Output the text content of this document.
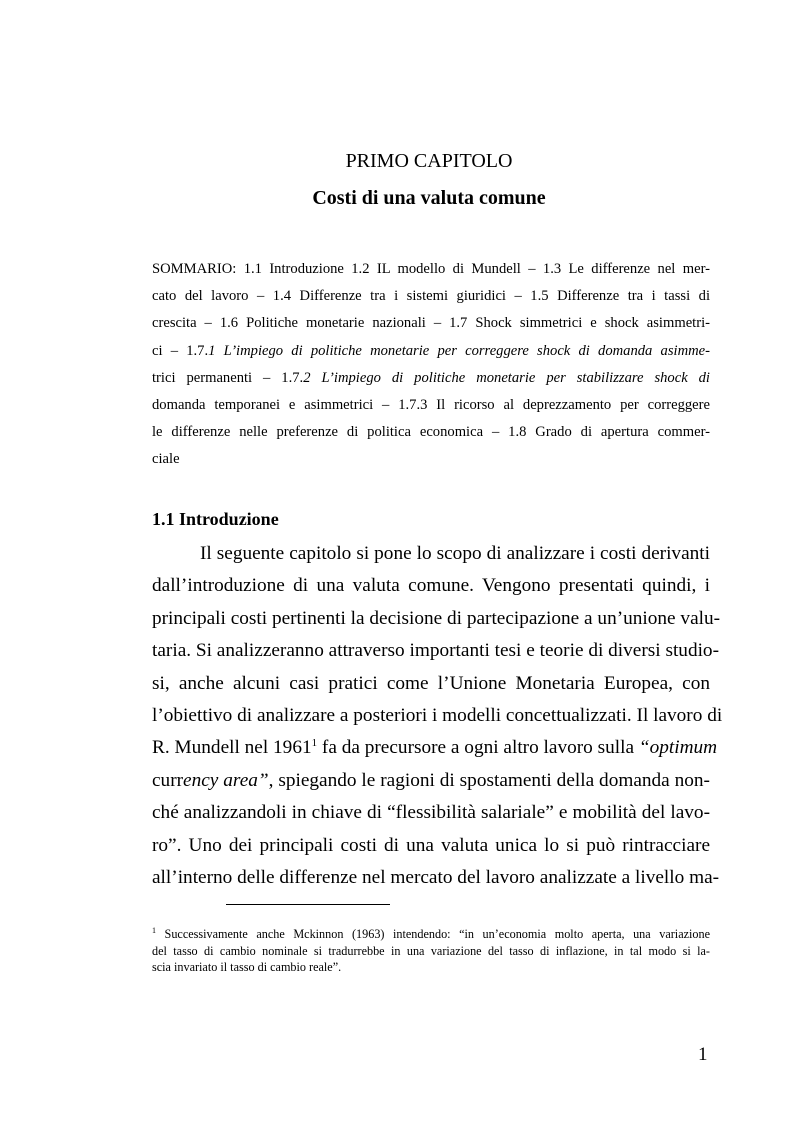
PRIMO CAPITOLO
Costi di una valuta comune
SOMMARIO: 1.1 Introduzione 1.2 IL modello di Mundell – 1.3 Le differenze nel mer-
cato del lavoro – 1.4 Differenze tra i sistemi giuridici – 1.5 Differenze tra i tassi di
crescita – 1.6 Politiche monetarie nazionali – 1.7 Shock simmetrici e shock asimmetri-
ci – 1.7.1 L’impiego di politiche monetarie per correggere shock di domanda asimme-
trici permanenti – 1.7.2 L’impiego di politiche monetarie per stabilizzare shock di
domanda temporanei e asimmetrici – 1.7.3 Il ricorso al deprezzamento per correggere
le differenze nelle preferenze di politica economica – 1.8 Grado di apertura commer-
ciale
1.1 Introduzione
Il seguente capitolo si pone lo scopo di analizzare i costi derivanti
dall’introduzione di una valuta comune. Vengono presentati quindi, i
principali costi pertinenti la decisione di partecipazione a un’unione valu-
taria. Si analizzeranno attraverso importanti tesi e teorie di diversi studio-
si, anche alcuni casi pratici come l’Unione Monetaria Europea, con
l’obiettivo di analizzare a posteriori i modelli concettualizzati. Il lavoro di
R. Mundell nel 1961$^1$ fa da precursore a ogni altro lavoro sulla “optimum
currency area”, spiegando le ragioni di spostamenti della domanda non-
ché analizzandoli in chiave di “flessibilità salariale” e mobilità del lavo-
ro”. Uno dei principali costi di una valuta unica lo si può rintracciare
all’interno delle differenze nel mercato del lavoro analizzate a livello ma-
$^1$ Successivamente anche Mckinnon (1963) intendendo: “in un’economia molto aperta, una variazione
del tasso di cambio nominale si tradurrebbe in una variazione del tasso di inflazione, in tal modo si la-
scia invariato il tasso di cambio reale”.
1
